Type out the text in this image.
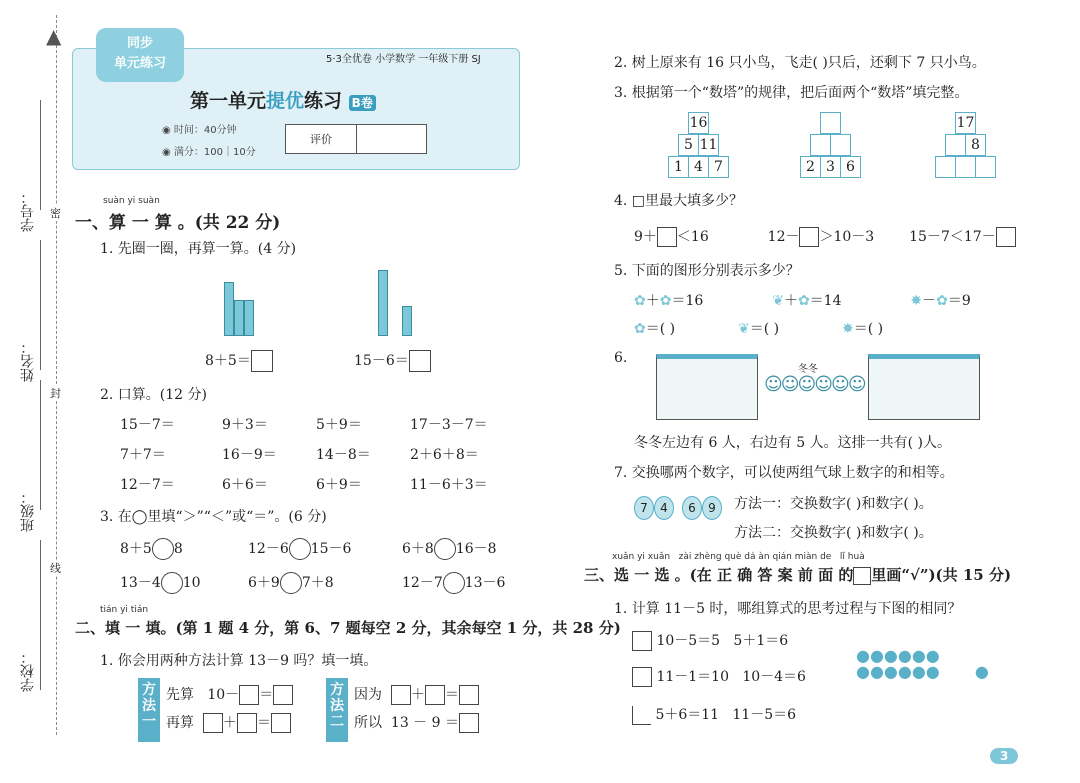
▲
学号：
姓名：
班级：
学校：
密
封
线
同步
单元练习	5·3全优卷 小学数学 一年级下册 SJ
第一单元提优练习 B卷
◉ 时间：40分钟
◉ 满分：100｜10分
评价
suàn yi suàn
一、算 一 算 。(共 22 分)
1. 先圈一圈，再算一算。(4 分)
8＋5＝	15－6＝
2. 口算。(12 分)
15－7＝	9＋3＝	5＋9＝	17－3－7＝
7＋7＝	16－9＝	14－8＝	2＋6＋8＝
12－7＝	6＋6＝	6＋9＝	11－6＋3＝
3. 在◯里填“＞”“＜”或“＝”。(6 分)
8＋5 8	12－6 15－6	6＋8 16－8
13－4 10	6＋9 7＋8	12－7 13－6
tián yi tián
二、填 一 填。(第 1 题 4 分，第 6、7 题每空 2 分，其余每空 1 分，共 28 分)
1. 你会用两种方法计算 13－9 吗？填一填。
方法一
先算 10－ ＝
再算 ＋ ＝
方法二
因为 ＋ ＝
所以 13 － 9 ＝
2. 树上原来有 16 只小鸟，飞走( )只后，还剩下 7 只小鸟。
3. 根据第一个“数塔”的规律，把后面两个“数塔”填完整。
16
5	11
1	4	7
		2	3	6
17
	8

4. □里最大填多少？
9＋ ＜16	12－ ＞10－3 15－7＜17－
5. 下面的图形分别表示多少？
✿＋✿＝16	❦＋✿＝14	✸－✿＝9
✿＝( )	❦＝( )	✸＝( )
6.
冬冬
☺☺☺☺☺☺
冬冬左边有 6 人，右边有 5 人。这排一共有( )人。
7. 交换哪两个数字，可以使两组气球上数字的和相等。
7 4	6 9	方法一：交换数字( )和数字( )。
方法二：交换数字( )和数字( )。
xuǎn yi xuǎn   zài zhèng què dá àn qián miàn de   lǐ huà
三、选 一 选 。(在 正 确 答 案 前 面 的 里画“√”)(共 15 分)
1. 计算 11－5 时，哪组算式的思考过程与下图的相同？
10－5＝5   5＋1＝6
11－1＝10   10－4＝6
5＋6＝11   11－5＝6
●●●●●●
●●●●●● ●
3
